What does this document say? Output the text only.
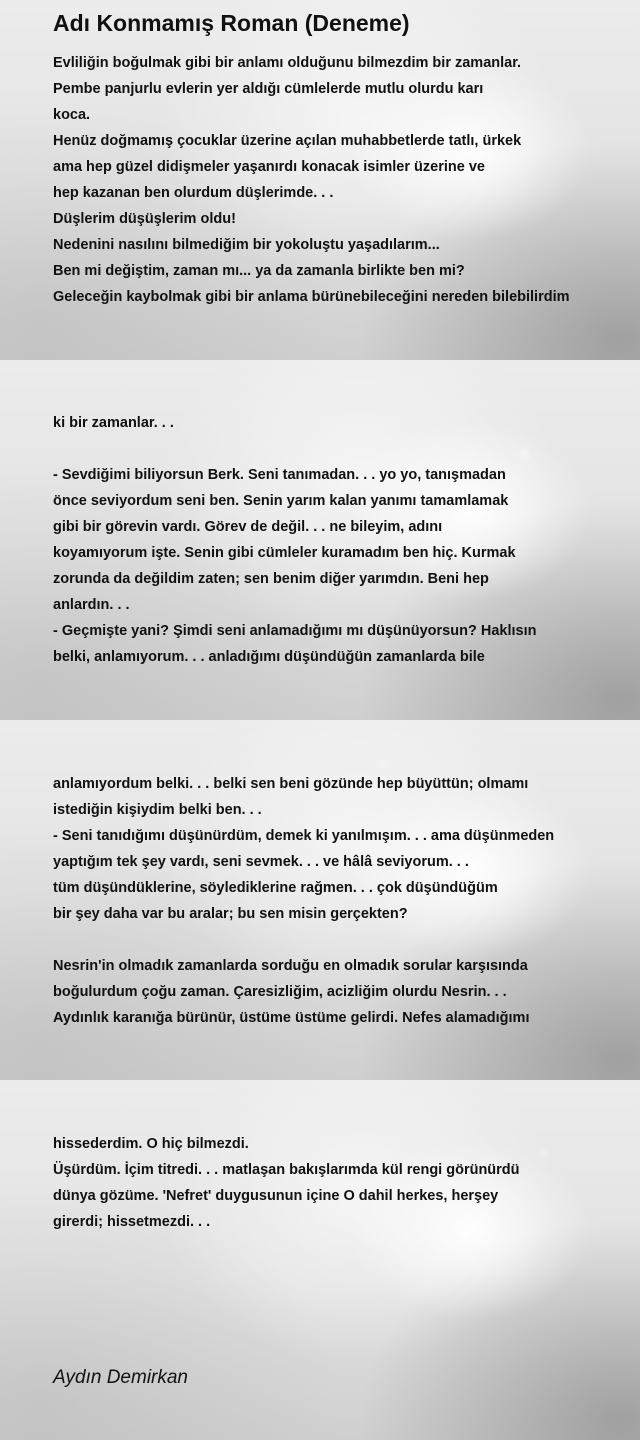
Adı Konmamış Roman (Deneme)
Evliliğin boğulmak gibi bir anlamı olduğunu bilmezdim bir zamanlar.
Pembe panjurlu evlerin yer aldığı cümlelerde mutlu olurdu karı
koca.
Henüz doğmamış çocuklar üzerine açılan muhabbetlerde tatlı, ürkek
ama hep güzel didişmeler yaşanırdı konacak isimler üzerine ve
hep kazanan ben olurdum düşlerimde. . .
Düşlerim düşüşlerim oldu!
Nedenini nasılını bilmediğim bir yokoluştu yaşadılarım...
Ben mi değiştim, zaman mı... ya da zamanla birlikte ben mi?
Geleceğin kaybolmak gibi bir anlama bürünebileceğini nereden bilebilirdim
ki bir zamanlar. . .
- Sevdiğimi biliyorsun Berk. Seni tanımadan. . . yo yo, tanışmadan
önce seviyordum seni ben. Senin yarım kalan yanımı tamamlamak
gibi bir görevin vardı. Görev de değil. . . ne bileyim, adını
koyamıyorum işte. Senin gibi cümleler kuramadım ben hiç. Kurmak
zorunda da değildim zaten; sen benim diğer yarımdın. Beni hep
anlardın. . .
- Geçmişte yani? Şimdi seni anlamadığımı mı düşünüyorsun? Haklısın
belki, anlamıyorum. . . anladığımı düşündüğün zamanlarda bile
anlamıyordum belki. . . belki sen beni gözünde hep büyüttün; olmamı
istediğin kişiydim belki ben. . .
- Seni tanıdığımı düşünürdüm, demek ki yanılmışım. . . ama düşünmeden
yaptığım tek şey vardı, seni sevmek. . . ve hâlâ seviyorum. . .
tüm düşündüklerine, söylediklerine rağmen. . . çok düşündüğüm
bir şey daha var bu aralar; bu sen misin gerçekten?
Nesrin'in olmadık zamanlarda sorduğu en olmadık sorular karşısında
boğulurdum çoğu zaman. Çaresizliğim, acizliğim olurdu Nesrin. . .
Aydınlık karanığa bürünür, üstüme üstüme gelirdi. Nefes alamadığımı
hissederdim. O hiç bilmezdi.
Üşürdüm. İçim titredi. . . matlaşan bakışlarımda kül rengi görünürdü
dünya gözüme. 'Nefret' duygusunun içine O dahil herkes, herşey
girerdi; hissetmezdi. . .
Aydın Demirkan
